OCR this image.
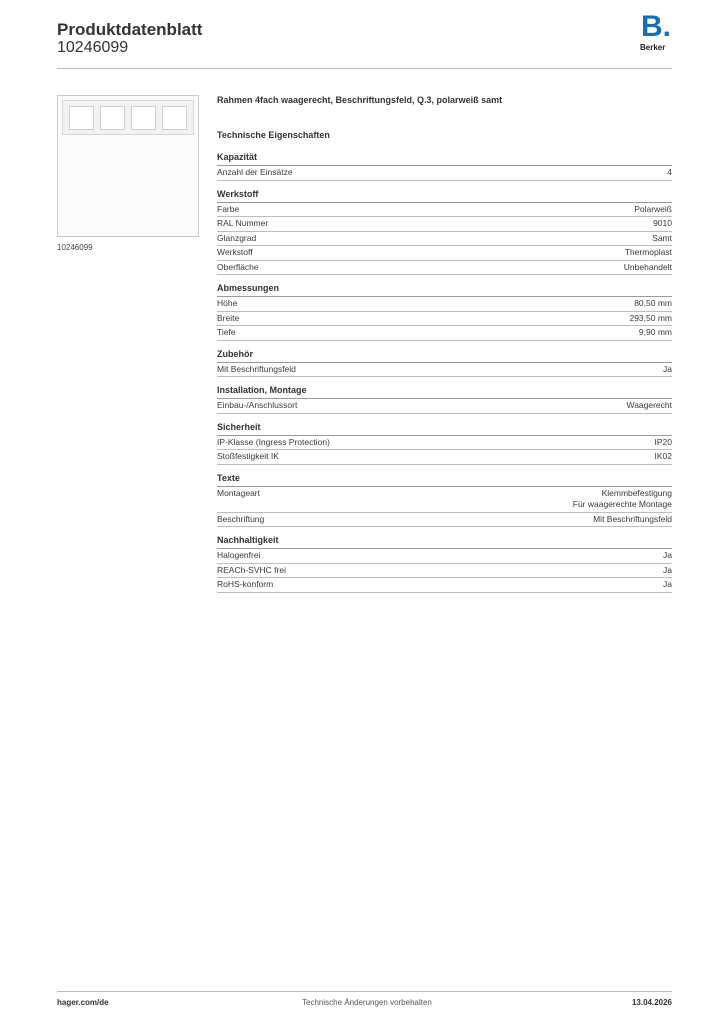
Produktdatenblatt
10246099
B.
Berker
10246099
Rahmen 4fach waagerecht, Beschriftungsfeld, Q.3, polarweiß samt
Technische Eigenschaften
Kapazität
Anzahl der Einsätze	4
Werkstoff
Farbe	Polarweiß
RAL Nummer	9010
Glanzgrad	Samt
Werkstoff	Thermoplast
Oberfläche	Unbehandelt
Abmessungen
Höhe	80,50 mm
Breite	293,50 mm
Tiefe	9,90 mm
Zubehör
Mit Beschriftungsfeld	Ja
Installation, Montage
Einbau-/Anschlussort	Waagerecht
Sicherheit
IP-Klasse (Ingress Protection)	IP20
Stoßfestigkeit IK	IK02
Texte
Montageart	Klemmbefestigung
Für waagerechte Montage
Beschriftung	Mit Beschriftungsfeld
Nachhaltigkeit
Halogenfrei	Ja
REACh-SVHC frei	Ja
RoHS-konform	Ja
hager.com/de	Technische Änderungen vorbehalten	13.04.2026
